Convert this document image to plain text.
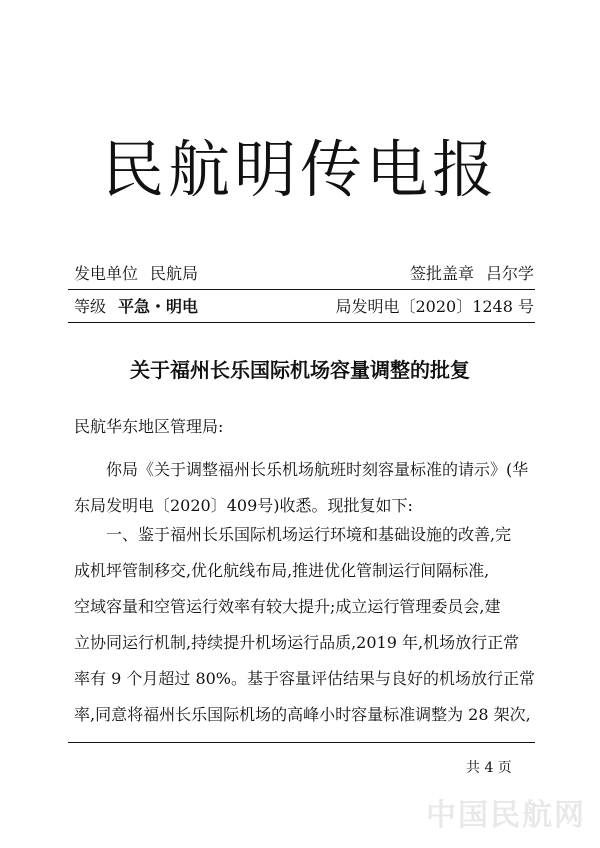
民航明传电报
发电单位 民航局	签批盖章 吕尔学
等级 平急・明电	局发明电〔2020〕1248 号
关于福州长乐国际机场容量调整的批复

民航华东地区管理局:

你局《关于调整福州长乐机场航班时刻容量标准的请示》(华
东局发明电〔2020〕409号)收悉。现批复如下:

一、鉴于福州长乐国际机场运行环境和基础设施的改善,完
成机坪管制移交,优化航线布局,推进优化管制运行间隔标准,
空域容量和空管运行效率有较大提升;成立运行管理委员会,建
立协同运行机制,持续提升机场运行品质,2019 年,机场放行正常
率有 9 个月超过 80%。基于容量评估结果与良好的机场放行正常
率,同意将福州长乐国际机场的高峰小时容量标准调整为 28 架次,

共 4 页
中国民航网
